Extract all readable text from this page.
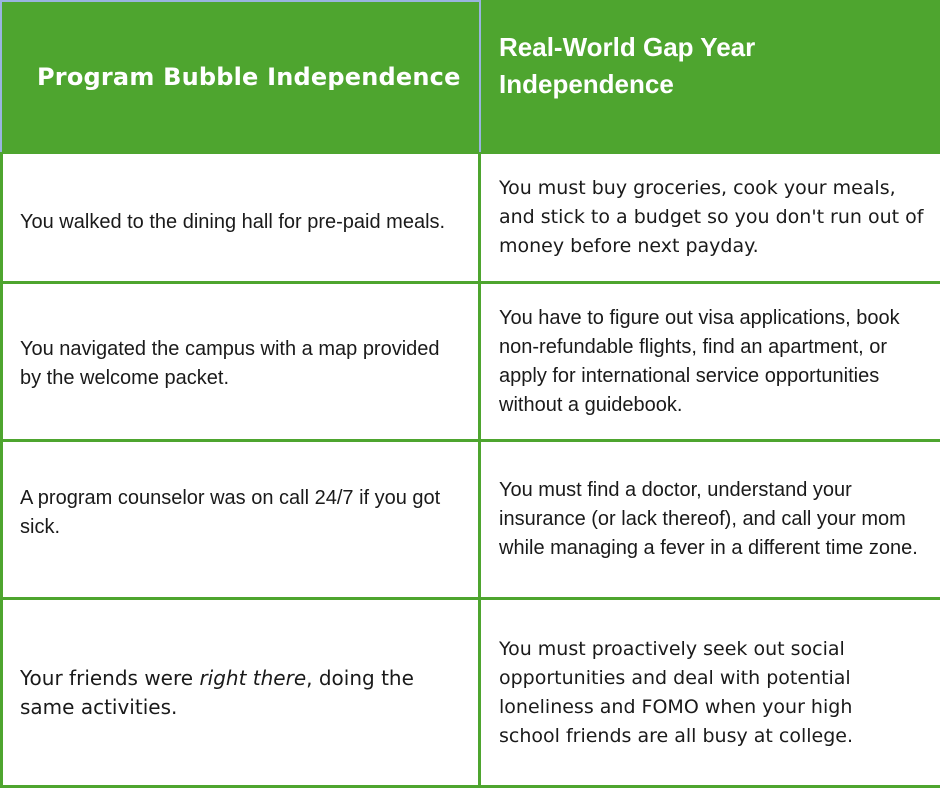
Program Bubble Independence
Real-World Gap Year Independence
You walked to the dining hall for pre-paid meals.
You must buy groceries, cook your meals, and stick to a budget so you don't run out of money before next payday.
You navigated the campus with a map provided by the welcome packet.
You have to figure out visa applications, book non-refundable flights, find an apartment, or apply for international service opportunities without a guidebook.
A program counselor was on call 24/7 if you got sick.
You must find a doctor, understand your insurance (or lack thereof), and call your mom while managing a fever in a different time zone.
Your friends were right there, doing the same activities.
You must proactively seek out social opportunities and deal with potential loneliness and FOMO when your high school friends are all busy at college.
